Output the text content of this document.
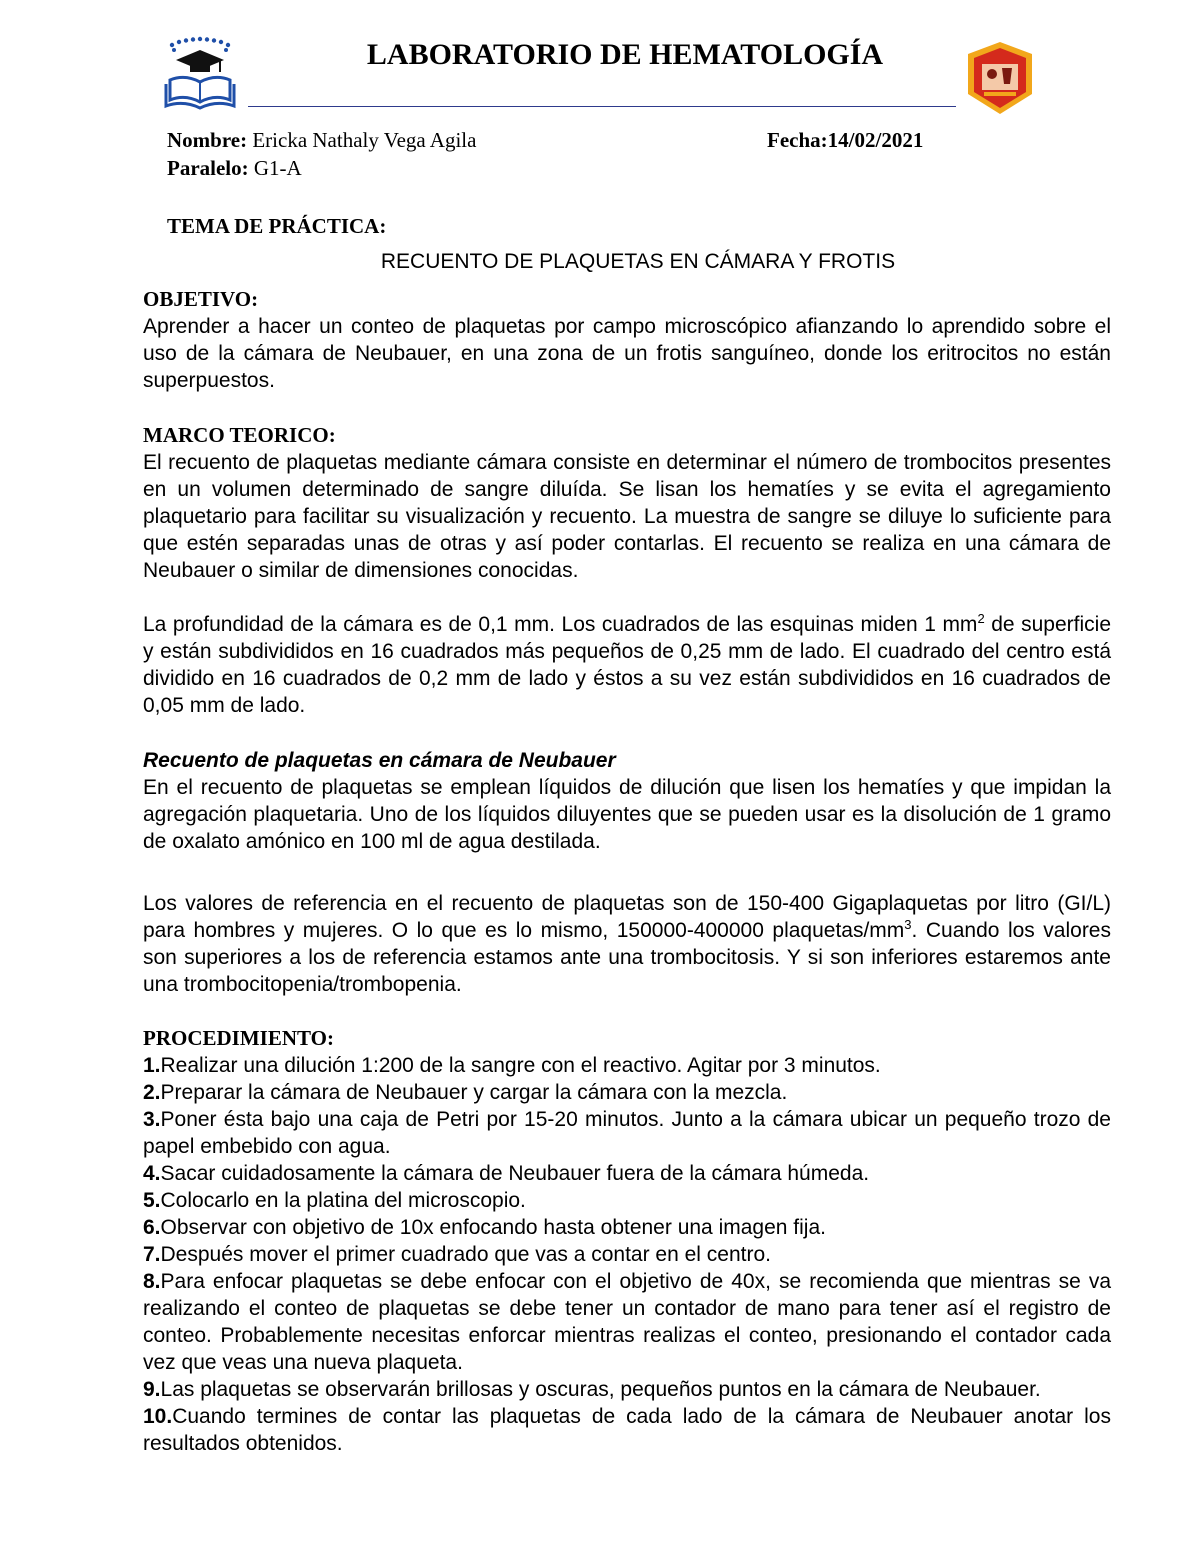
LABORATORIO DE HEMATOLOGÍA
Nombre: Ericka Nathaly Vega Agila	Fecha:14/02/2021
Paralelo: G1-A
TEMA DE PRÁCTICA:
RECUENTO DE PLAQUETAS EN CÁMARA Y FROTIS
OBJETIVO:

Aprender a hacer un conteo de plaquetas por campo microscópico afianzando lo aprendido sobre el uso de la cámara de Neubauer, en una zona de un frotis sanguíneo, donde los eritrocitos no están superpuestos.

MARCO TEORICO:

El recuento de plaquetas mediante cámara consiste en determinar el número de trombocitos presentes en un volumen determinado de sangre diluída. Se lisan los hematíes y se evita el agregamiento plaquetario para facilitar su visualización y recuento. La muestra de sangre se diluye lo suficiente para que estén separadas unas de otras y así poder contarlas. El recuento se realiza en una cámara de Neubauer o similar de dimensiones conocidas.

La profundidad de la cámara es de 0,1 mm. Los cuadrados de las esquinas miden 1 $mm^2$ de superficie y están subdivididos en 16 cuadrados más pequeños de 0,25 mm de lado. El cuadrado del centro está dividido en 16 cuadrados de 0,2 mm de lado y éstos a su vez están subdivididos en 16 cuadrados de 0,05 mm de lado.

Recuento de plaquetas en cámara de Neubauer

En el recuento de plaquetas se emplean líquidos de dilución que lisen los hematíes y que impidan la agregación plaquetaria. Uno de los líquidos diluyentes que se pueden usar es la disolución de 1 gramo de oxalato amónico en 100 ml de agua destilada.

Los valores de referencia en el recuento de plaquetas son de 150-400 Gigaplaquetas por litro (GI/L) para hombres y mujeres. O lo que es lo mismo, 150000-400000 plaquetas/$mm^3$. Cuando los valores son superiores a los de referencia estamos ante una trombocitosis. Y si son inferiores estaremos ante una trombocitopenia/trombopenia.

PROCEDIMIENTO:

1.Realizar una dilución 1:200 de la sangre con el reactivo. Agitar por 3 minutos.

2.Preparar la cámara de Neubauer y cargar la cámara con la mezcla.

3.Poner ésta bajo una caja de Petri por 15-20 minutos. Junto a la cámara ubicar un pequeño trozo de papel embebido con agua.

4.Sacar cuidadosamente la cámara de Neubauer fuera de la cámara húmeda.

5.Colocarlo en la platina del microscopio.

6.Observar con objetivo de 10x enfocando hasta obtener una imagen fija.

7.Después mover el primer cuadrado que vas a contar en el centro.

8.Para enfocar plaquetas se debe enfocar con el objetivo de 40x, se recomienda que mientras se va realizando el conteo de plaquetas se debe tener un contador de mano para tener así el registro de conteo. Probablemente necesitas enforcar mientras realizas el conteo, presionando el contador cada vez que veas una nueva plaqueta.

9.Las plaquetas se observarán brillosas y oscuras, pequeños puntos en la cámara de Neubauer.

10.Cuando termines de contar las plaquetas de cada lado de la cámara de Neubauer anotar los resultados obtenidos.
